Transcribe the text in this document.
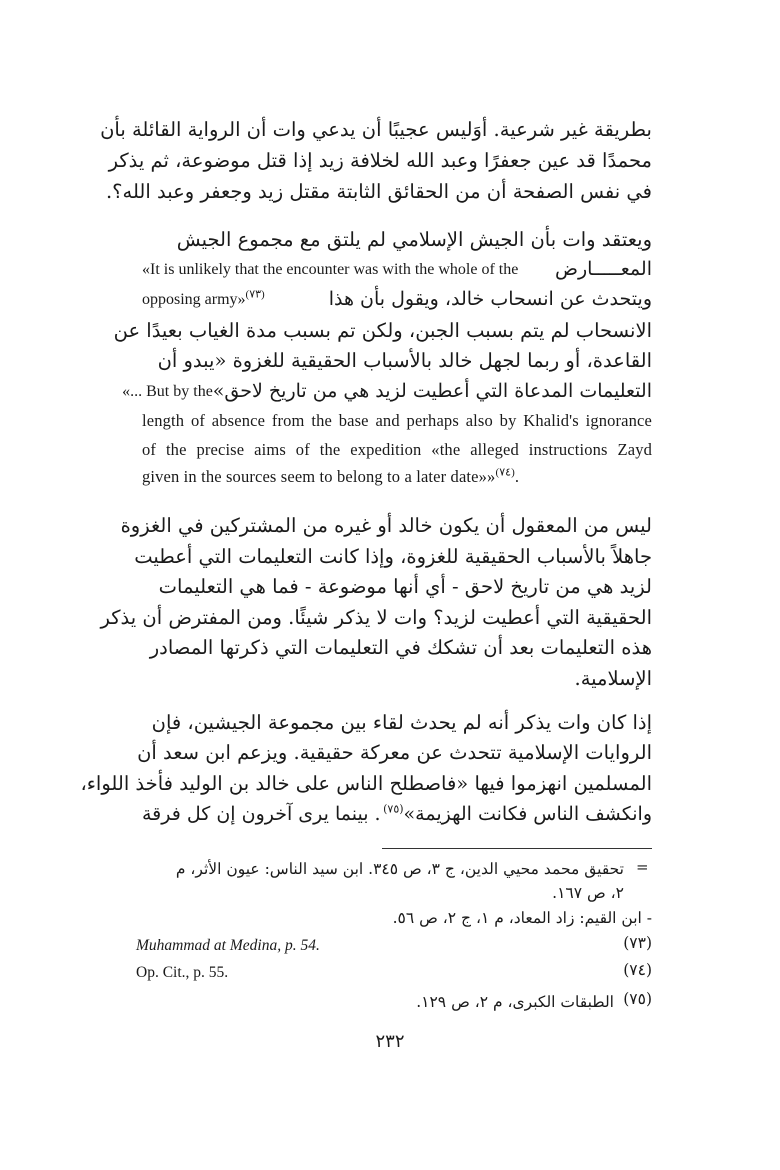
بطريقة غير شرعية. أوَليس عجيبًا أن يدعي وات أن الرواية القائلة بأن

محمدًا قد عين جعفرًا وعبد الله لخلافة زيد إذا قتل موضوعة، ثم يذكر

في نفس الصفحة أن من الحقائق الثابتة مقتل زيد وجعفر وعبد الله؟.

ويعتقد وات بأن الجيش الإسلامي لم يلتق مع مجموع الجيش

المعـــــارض
«It is unlikely that the encounter was with the whole of the
ويتحدث عن انسحاب خالد، ويقول بأن هذا
opposing army»$^{(٧٣)}$

الانسحاب لم يتم بسبب الجبن، ولكن تم بسبب مدة الغياب بعيدًا عن

القاعدة، أو ربما لجهل خالد بالأسباب الحقيقية للغزوة «يبدو أن

التعليمات المدعاة التي أعطيت لزيد هي من تاريخ لاحق»
«... But by the

length of absence from the base and perhaps also by Khalid's ignorance

of the precise aims of the expedition «the alleged instructions Zayd

given in the sources seem to belong to a later date»»$^{(٧٤)}$.

ليس من المعقول أن يكون خالد أو غيره من المشتركين في الغزوة

جاهلاً بالأسباب الحقيقية للغزوة، وإذا كانت التعليمات التي أعطيت

لزيد هي من تاريخ لاحق - أي أنها موضوعة - فما هي التعليمات

الحقيقية التي أعطيت لزيد؟ وات لا يذكر شيئًا. ومن المفترض أن يذكر

هذه التعليمات بعد أن تشكك في التعليمات التي ذكرتها المصادر

الإسلامية.

إذا كان وات يذكر أنه لم يحدث لقاء بين مجموعة الجيشين، فإن

الروايات الإسلامية تتحدث عن معركة حقيقية. ويزعم ابن سعد أن

المسلمين انهزموا فيها «فاصطلح الناس على خالد بن الوليد فأخذ اللواء،

وانكشف الناس فكانت الهزيمة»$^{(٧٥)}$
. بينما يرى آخرون إن كل فرقة
=

تحقيق محمد محيي الدين، ج ٣، ص ٣٤٥. ابن سيد الناس: عيون الأثر، م

٢، ص ١٦٧.

- ابن القيم: زاد المعاد، م ١، ج ٢، ص ٥٦.

Muhammad at Medina, p. 54.	(٧٣)

Op. Cit., p. 55.	(٧٤)

(٧٥)

الطبقات الكبرى، م ٢، ص ١٢٩.

٢٣٢
